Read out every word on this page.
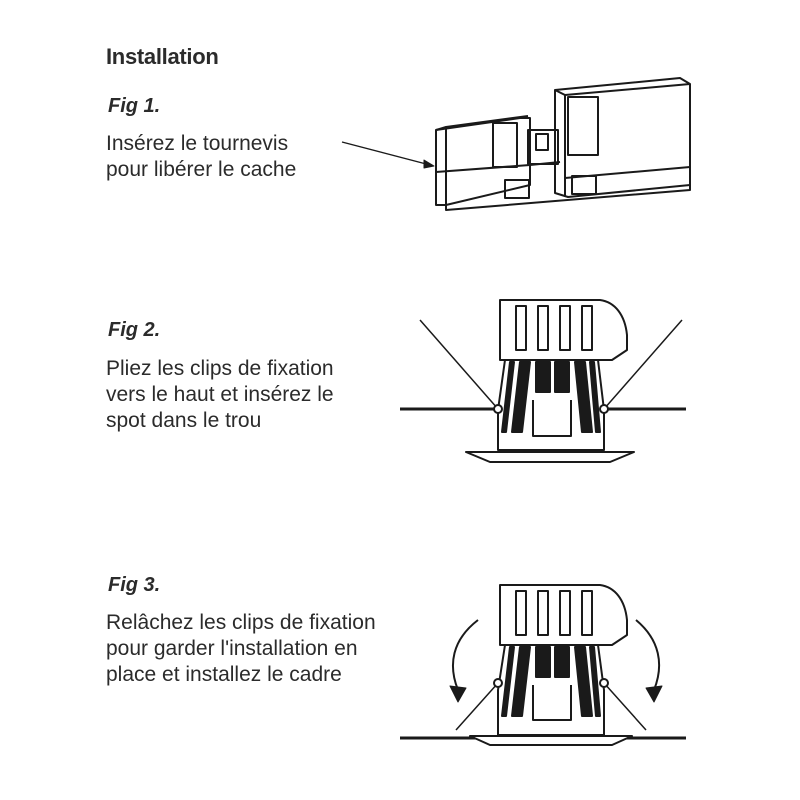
Installation
Fig 1.
Insérez le tournevis
pour libérer le cache
Fig 2.
Pliez les clips de fixation
vers le haut et insérez le
spot dans le trou
Fig 3.
Relâchez les clips de fixation
pour garder l'installation en
place et installez le cadre
